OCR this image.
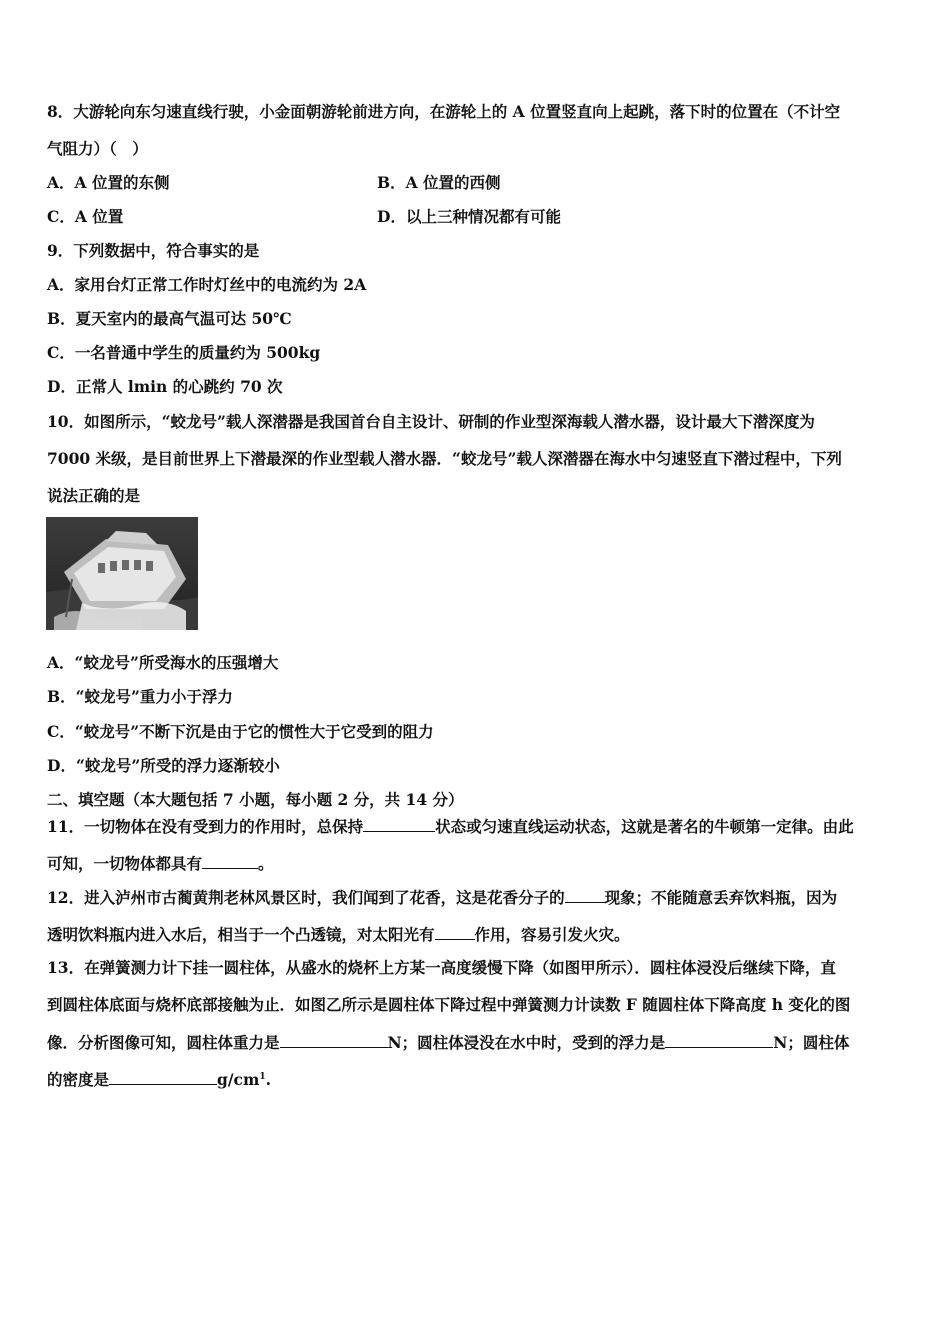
8．大游轮向东匀速直线行驶，小金面朝游轮前进方向，在游轮上的 A 位置竖直向上起跳，落下时的位置在（不计空

气阻力）（　）

A．A 位置的东侧	B．A 位置的西侧

C．A 位置	D．以上三种情况都有可能

9．下列数据中，符合事实的是

A．家用台灯正常工作时灯丝中的电流约为 2A

B．夏天室内的最高气温可达 50℃

C．一名普通中学生的质量约为 500kg

D．正常人 lmin 的心跳约 70 次

10．如图所示，“蛟龙号”载人深潜器是我国首台自主设计、研制的作业型深海载人潜水器，设计最大下潜深度为

7000 米级，是目前世界上下潜最深的作业型载人潜水器．“蛟龙号”载人深潜器在海水中匀速竖直下潜过程中，下列

说法正确的是

A．“蛟龙号”所受海水的压强增大

B．“蛟龙号”重力小于浮力

C．“蛟龙号”不断下沉是由于它的惯性大于它受到的阻力

D．“蛟龙号”所受的浮力逐渐较小

二、填空题（本大题包括 7 小题，每小题 2 分，共 14 分）

11．一切物体在没有受到力的作用时，总保持	状态或匀速直线运动状态，这就是著名的牛顿第一定律。由此

可知，一切物体都具有	。

12．进入泸州市古蔺黄荆老林风景区时，我们闻到了花香，这是花香分子的	现象；不能随意丢弃饮料瓶，因为

透明饮料瓶内进入水后，相当于一个凸透镜，对太阳光有	作用，容易引发火灾。

13．在弹簧测力计下挂一圆柱体，从盛水的烧杯上方某一高度缓慢下降（如图甲所示）．圆柱体浸没后继续下降，直

到圆柱体底面与烧杯底部接触为止．如图乙所示是圆柱体下降过程中弹簧测力计读数 F 随圆柱体下降高度 h 变化的图

像．分析图像可知，圆柱体重力是	N；圆柱体浸没在水中时，受到的浮力是	N；圆柱体

的密度是	$g/cm^1$.
